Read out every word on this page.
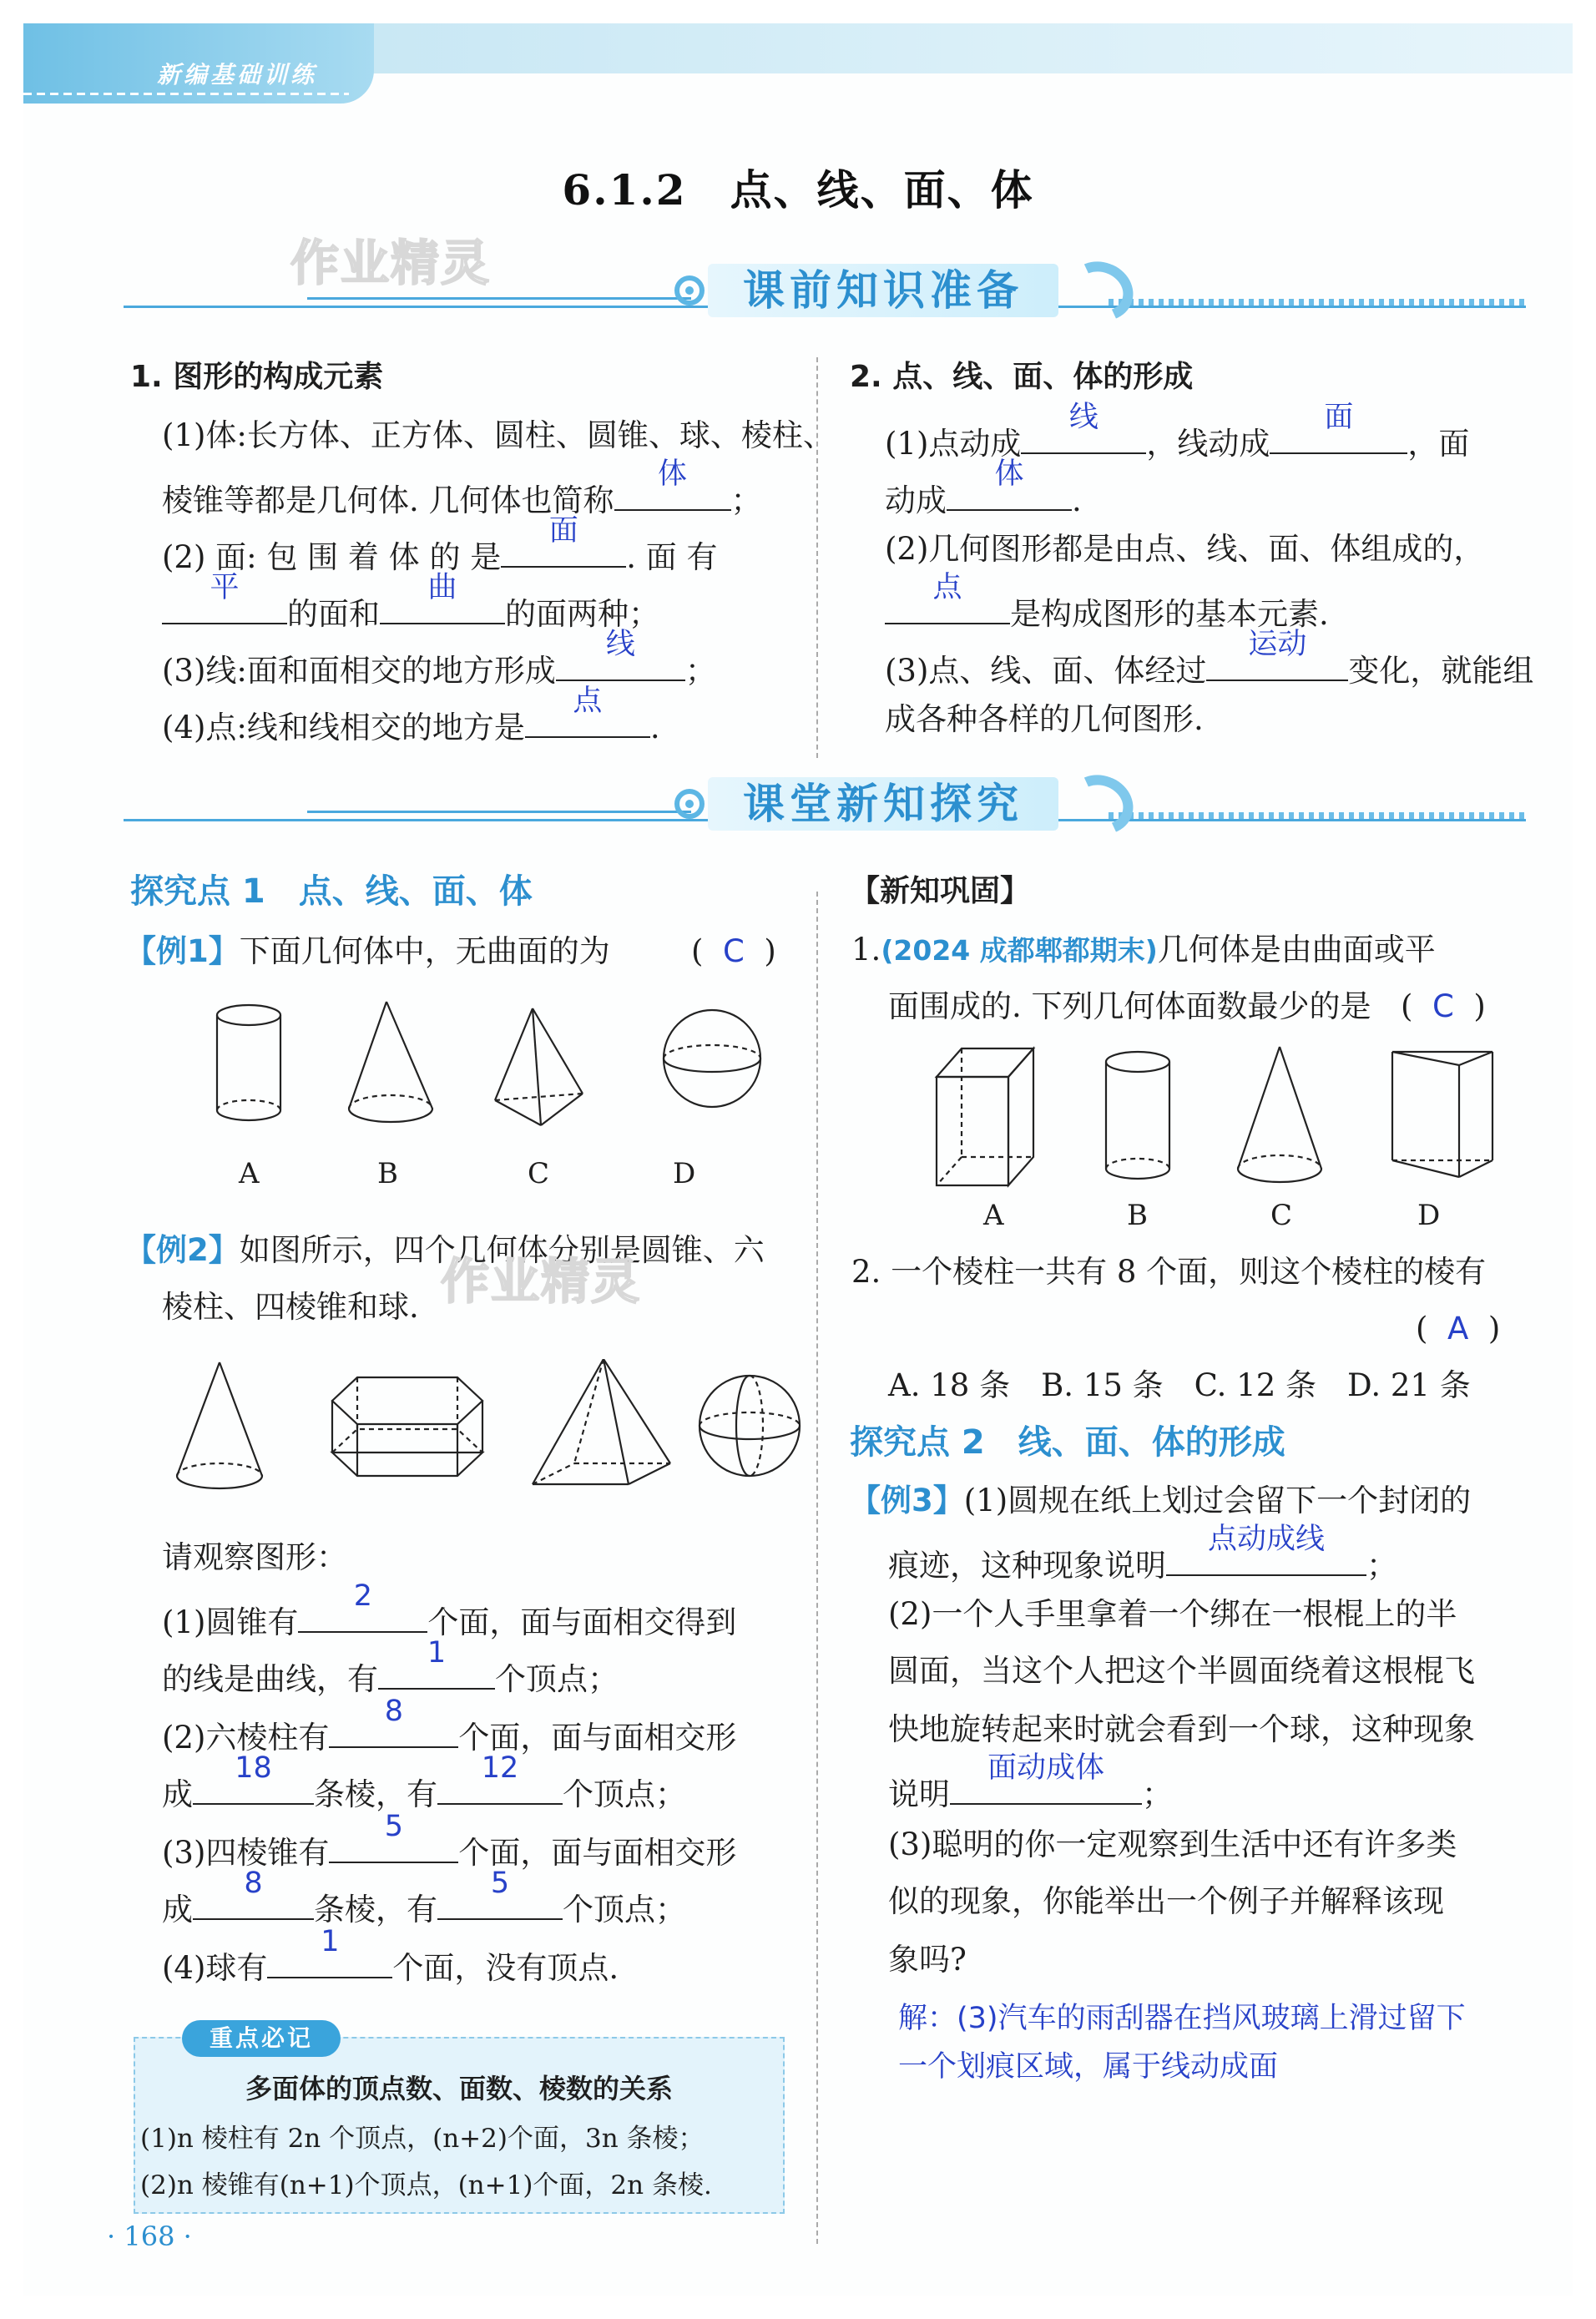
新编基础训练
6.1.2　点、线、面、体
作业精灵	课前知识准备
1. 图形的构成元素
(1)体:长方体、正方体、圆柱、圆锥、球、棱柱、
棱锥等都是几何体. 几何体也简称
体
；
(2) 面: 包 围 着 体 的 是
面
. 面 有
平
的面和
曲
的面两种；
(3)线:面和面相交的地方形成
线
；
(4)点:线和线相交的地方是
点
.
2. 点、线、面、体的形成
(1)点动成
线
，线动成
面
，面
动成
体
.
(2)几何图形都是由点、线、面、体组成的，
点
是构成图形的基本元素.
(3)点、线、面、体经过
运动
变化，就能组
成各种各样的几何图形.
课堂新知探究
探究点 1　点、线、面、体
【例1】下面几何体中，无曲面的为	( C )
A	B	C	D
【例2】如图所示，四个几何体分别是圆锥、六
棱柱、四棱锥和球. 作业精灵
请观察图形：
(1)圆锥有
2
个面，面与面相交得到
的线是曲线，有
1
个顶点；
(2)六棱柱有
8
个面，面与面相交形
成
18
条棱，有
12
个顶点；
(3)四棱锥有
5
个面，面与面相交形
成
8
条棱，有
5
个顶点；
(4)球有
1
个面，没有顶点.
重点必记
多面体的顶点数、面数、棱数的关系
(1)n 棱柱有 2n 个顶点，(n+2)个面，3n 条棱；
(2)n 棱锥有(n+1)个顶点，(n+1)个面，2n 条棱.
【新知巩固】
1.(2024 成都郫都期末)几何体是由曲面或平
面围成的. 下列几何体面数最少的是 ( C )
A	B	C	D
2. 一个棱柱一共有 8 个面，则这个棱柱的棱有
( A )
A. 18 条　B. 15 条　C. 12 条　D. 21 条
探究点 2　线、面、体的形成
【例3】(1)圆规在纸上划过会留下一个封闭的
痕迹，这种现象说明
点动成线
；
(2)一个人手里拿着一个绑在一根棍上的半
圆面，当这个人把这个半圆面绕着这根棍飞
快地旋转起来时就会看到一个球，这种现象
说明
面动成体
；
(3)聪明的你一定观察到生活中还有许多类
似的现象，你能举出一个例子并解释该现
象吗?
解：(3)汽车的雨刮器在挡风玻璃上滑过留下
一个划痕区域，属于线动成面
· 168 ·
